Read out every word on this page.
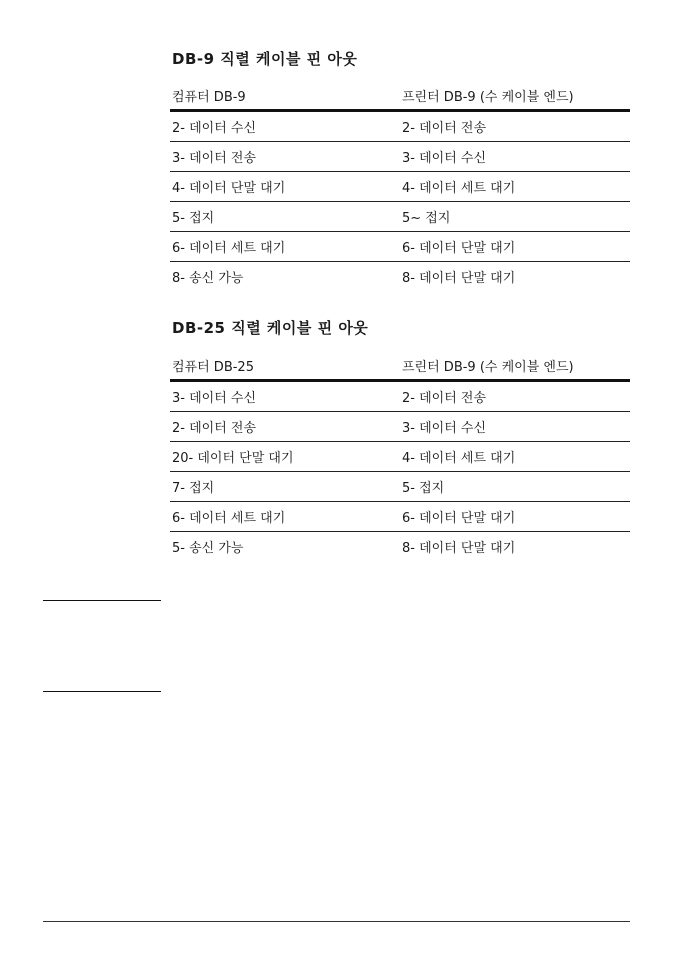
DB-9 직렬 케이블 핀 아웃
컴퓨터 DB-9	프린터 DB-9 (수 케이블 엔드)
2- 데이터 수신	2- 데이터 전송
3- 데이터 전송	3- 데이터 수신
4- 데이터 단말 대기	4- 데이터 세트 대기
5- 접지	5~ 접지
6- 데이터 세트 대기	6- 데이터 단말 대기
8- 송신 가능	8- 데이터 단말 대기
DB-25 직렬 케이블 핀 아웃
컴퓨터 DB-25	프린터 DB-9 (수 케이블 엔드)
3- 데이터 수신	2- 데이터 전송
2- 데이터 전송	3- 데이터 수신
20- 데이터 단말 대기	4- 데이터 세트 대기
7- 접지	5- 접지
6- 데이터 세트 대기	6- 데이터 단말 대기
5- 송신 가능	8- 데이터 단말 대기
